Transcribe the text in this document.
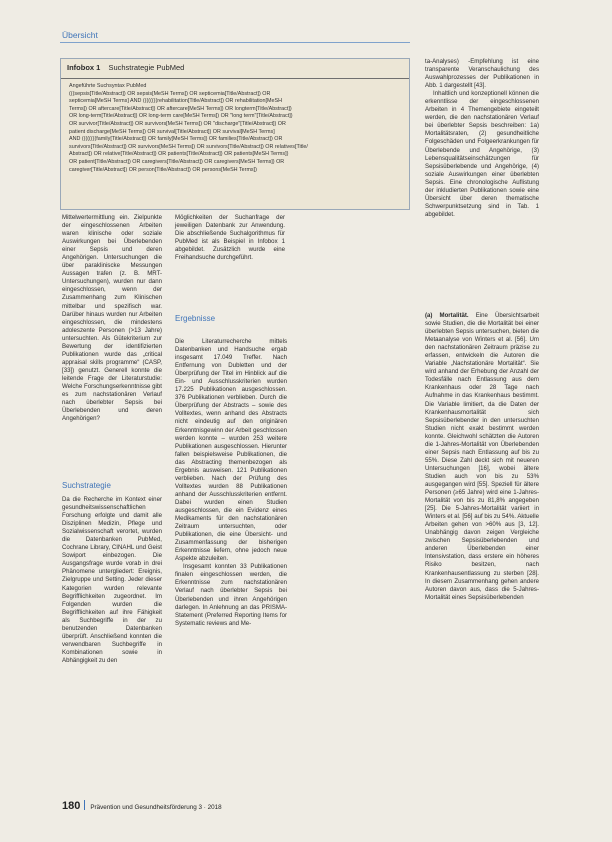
Übersicht
Infobox 1 Suchstrategie PubMed
Angeführte Suchsyntax PubMed
(((sepsis[Title/Abstract]) OR sepsis[MeSH Terms]) OR septicemia[Title/Abstract]) OR
septicemia[MeSH Terms] AND ((((((((rehabilitation[Title/Abstract]) OR rehabilitation[MeSH
Terms]) OR aftercare[Title/Abstract]) OR aftercare[MeSH Terms]) OR longterm[Title/Abstract])
OR long-term[Title/Abstract]) OR long-term care[MeSH Terms]) OR "long term"[Title/Abstract])
OR survivor[Title/Abstract]) OR survivors[MeSH Terms]) OR "discharge"[Title/Abstract]) OR
patient discharge[MeSH Terms]) OR survival[Title/Abstract]) OR survival[MeSH Terms]
AND ((((((((family[Title/Abstract]) OR family[MeSH Terms]) OR families[Title/Abstract]) OR
survivors[Title/Abstract]) OR survivors[MeSH Terms]) OR survivors[Title/Abstract]) OR relatives[Title/
Abstract]) OR relative[Title/Abstract]) OR patients[Title/Abstract]) OR patients[MeSH Terms])
OR patient[Title/Abstract]) OR caregivers[Title/Abstract]) OR caregivers[MeSH Terms]) OR
caregiver[Title/Abstract]) OR person[Title/Abstract]) OR persons[MeSH Terms])

Mittelwertermittlung ein. Zielpunkte der eingeschlossenen Arbeiten waren klinische oder soziale Auswirkungen bei Überlebenden einer Sepsis und deren Angehörigen. Untersuchungen die über parakliniscke Messungen Aussagen trafen (z. B. MRT-Untersuchungen), wurden nur dann eingeschlossen, wenn der Zusammenhang zum Klinischen mittelbar und spezifisch war. Darüber hinaus wurden nur Arbeiten eingeschlossen, die mindestens adoleszente Personen (>13 Jahre) untersuchten. Als Gütekriterium zur Bewertung der identifizierten Publikationen wurde das „critical appraisal skills programme“ (CASP, [33]) genutzt. Generell konnte die leitende Frage der Literaturstudie: Welche Forschungserkenntnisse gibt es zum nachstationären Verlauf nach überlebter Sepsis bei Überlebenden und deren Angehörigen?

Suchstrategie

Da die Recherche im Kontext einer gesundheitswissenschaftlichen Forschung erfolgte und damit alle Disziplinen Medizin, Pflege und Sozialwissenschaft verortet, wurden die Datenbanken PubMed, Cochrane Library, CINAHL und Geist Sowiport einbezogen. Die Ausgangsfrage wurde vorab in drei Phänomene untergliedert: Ereignis, Zielgruppe und Setting. Jeder dieser Kategorien wurden relevante Begrifflichkeiten zugeordnet. Im Folgenden wurden die Begrifflichkeiten auf ihre Fähigkeit als Suchbegriffe in der zu benutzenden Datenbanken überprüft. Anschließend konnten die verwendbaren Suchbegriffe in Kombinationen sowie in Abhängigkeit zu den

Möglichkeiten der Suchanfrage der jeweiligen Datenbank zur Anwendung. Die abschließende Suchalgorithmus für PubMed ist als Beispiel in Infobox 1 abgebildet. Zusätzlich wurde eine Freihandsuche durchgeführt.

Ergebnisse

Die Literaturrecherche mittels Datenbanken und Handsuche ergab insgesamt 17.049 Treffer. Nach Entfernung von Dubletten und der Überprüfung der Titel im Hinblick auf die Ein- und Ausschlusskriterien wurden 17.225 Publikationen ausgeschlossen. 376 Publikationen verblieben. Durch die Überprüfung der Abstracts – sowie des Volltextes, wenn anhand des Abstracts nicht eindeutig auf den originären Erkenntnisgewinn der Arbeit geschlossen werden konnte – wurden 253 weitere Publikationen ausgeschlossen. Hierunter fallen beispielsweise Publikationen, die das Abstracting themenbezogen als Ergebnis ausweisen. 121 Publikationen verblieben. Nach der Prüfung des Volltextes wurden 88 Publikationen anhand der Ausschlusskriterien entfernt. Dabei wurden einen Studien ausgeschlossen, die ein Evidenz eines Medikaments für den nachstationären Zeitraum untersuchten, oder Publikationen, die eine Übersicht- und Zusammenfassung der bisherigen Erkenntnisse liefern, ohne jedoch neue Aspekte abzuleiten.

Insgesamt konnten 33 Publikationen finalen eingeschlossen werden, die Erkenntnisse zum nachstationären Verlauf nach überlebter Sepsis bei Überlebenden und ihren Angehörigen darlegen. In Anlehnung an das PRISMA-Statement (Preferred Reporting Items for Systematic reviews and Me-

ta-Analyses) -Empfehlung ist eine transparente Veranschaulichung des Auswahlprozesses der Publikationen in Abb. 1 dargestellt [43].

Inhaltlich und konzeptionell können die erkenntlisse der eingeschlossenen Arbeiten in 4 Themengebiete eingeteilt werden, die den nachstationären Verlauf bei überlebter Sepsis beschreiben: 1a) Mortalitätsraten, (2) gesundheitliche Folgeschäden und Folgeerkrankungen für Überlebende und Angehörige, (3) Lebensqualitätseinschätzungen für Sepsisüberlebende und Angehörige, (4) soziale Auswirkungen einer überlebten Sepsis. Eine chronologische Auflistung der inkludierten Publikationen sowie eine Übersicht über deren thematische Schwerpunktsetzung sind in Tab. 1 abgebildet.

(a) Mortalität. Eine Übersichtsarbeit sowie Studien, die die Mortalität bei einer überlebten Sepsis untersuchen, bieten die Metaanalyse von Winters et al. [56]. Um den nachstationären Zeitraum präzise zu erfassen, entwickeln die Autoren die Variable „Nachstationäre Mortalität“. Sie wird anhand der Erhebung der Anzahl der Todesfälle nach Entlassung aus dem Krankenhaus oder 28 Tage nach Aufnahme in das Krankenhaus bestimmt. Die Variable limitiert, da die Daten der Krankenhausmortalität sich Sepsisüberlebender in den untersuchten Studien nicht exakt bestimmt werden konnte. Gleichwohl schätzten die Autoren die 1-Jahres-Mortalität von Überlebenden einer Sepsis nach Entlassung auf bis zu 55%. Diese Zahl deckt sich mit neueren Untersuchungen [16], wobei ältere Studien auch von bis zu 53% ausgegangen wird [55]. Speziell für ältere Personen (≥65 Jahre) wird eine 1-Jahres-Mortalität von bis zu 81,8% angegeben [25]. Die 5-Jahres-Mortalität variiert in Winters et al. [56] auf bis zu 54%. Aktuelle Arbeiten gehen von >60% aus [3, 12]. Unabhängig davon zeigen Vergleiche zwischen Sepsisüberlebenden und anderen Überlebenden einer Intensivstation, dass erstere ein höheres Risiko besitzen, nach Krankenhausentlassung zu sterben [28]. In diesem Zusammenhang gehen andere Autoren davon aus, dass die 5-Jahres-Mortalität eines Sepsisüberlebenden

180 Prävention und Gesundheitsförderung 3 · 2018
